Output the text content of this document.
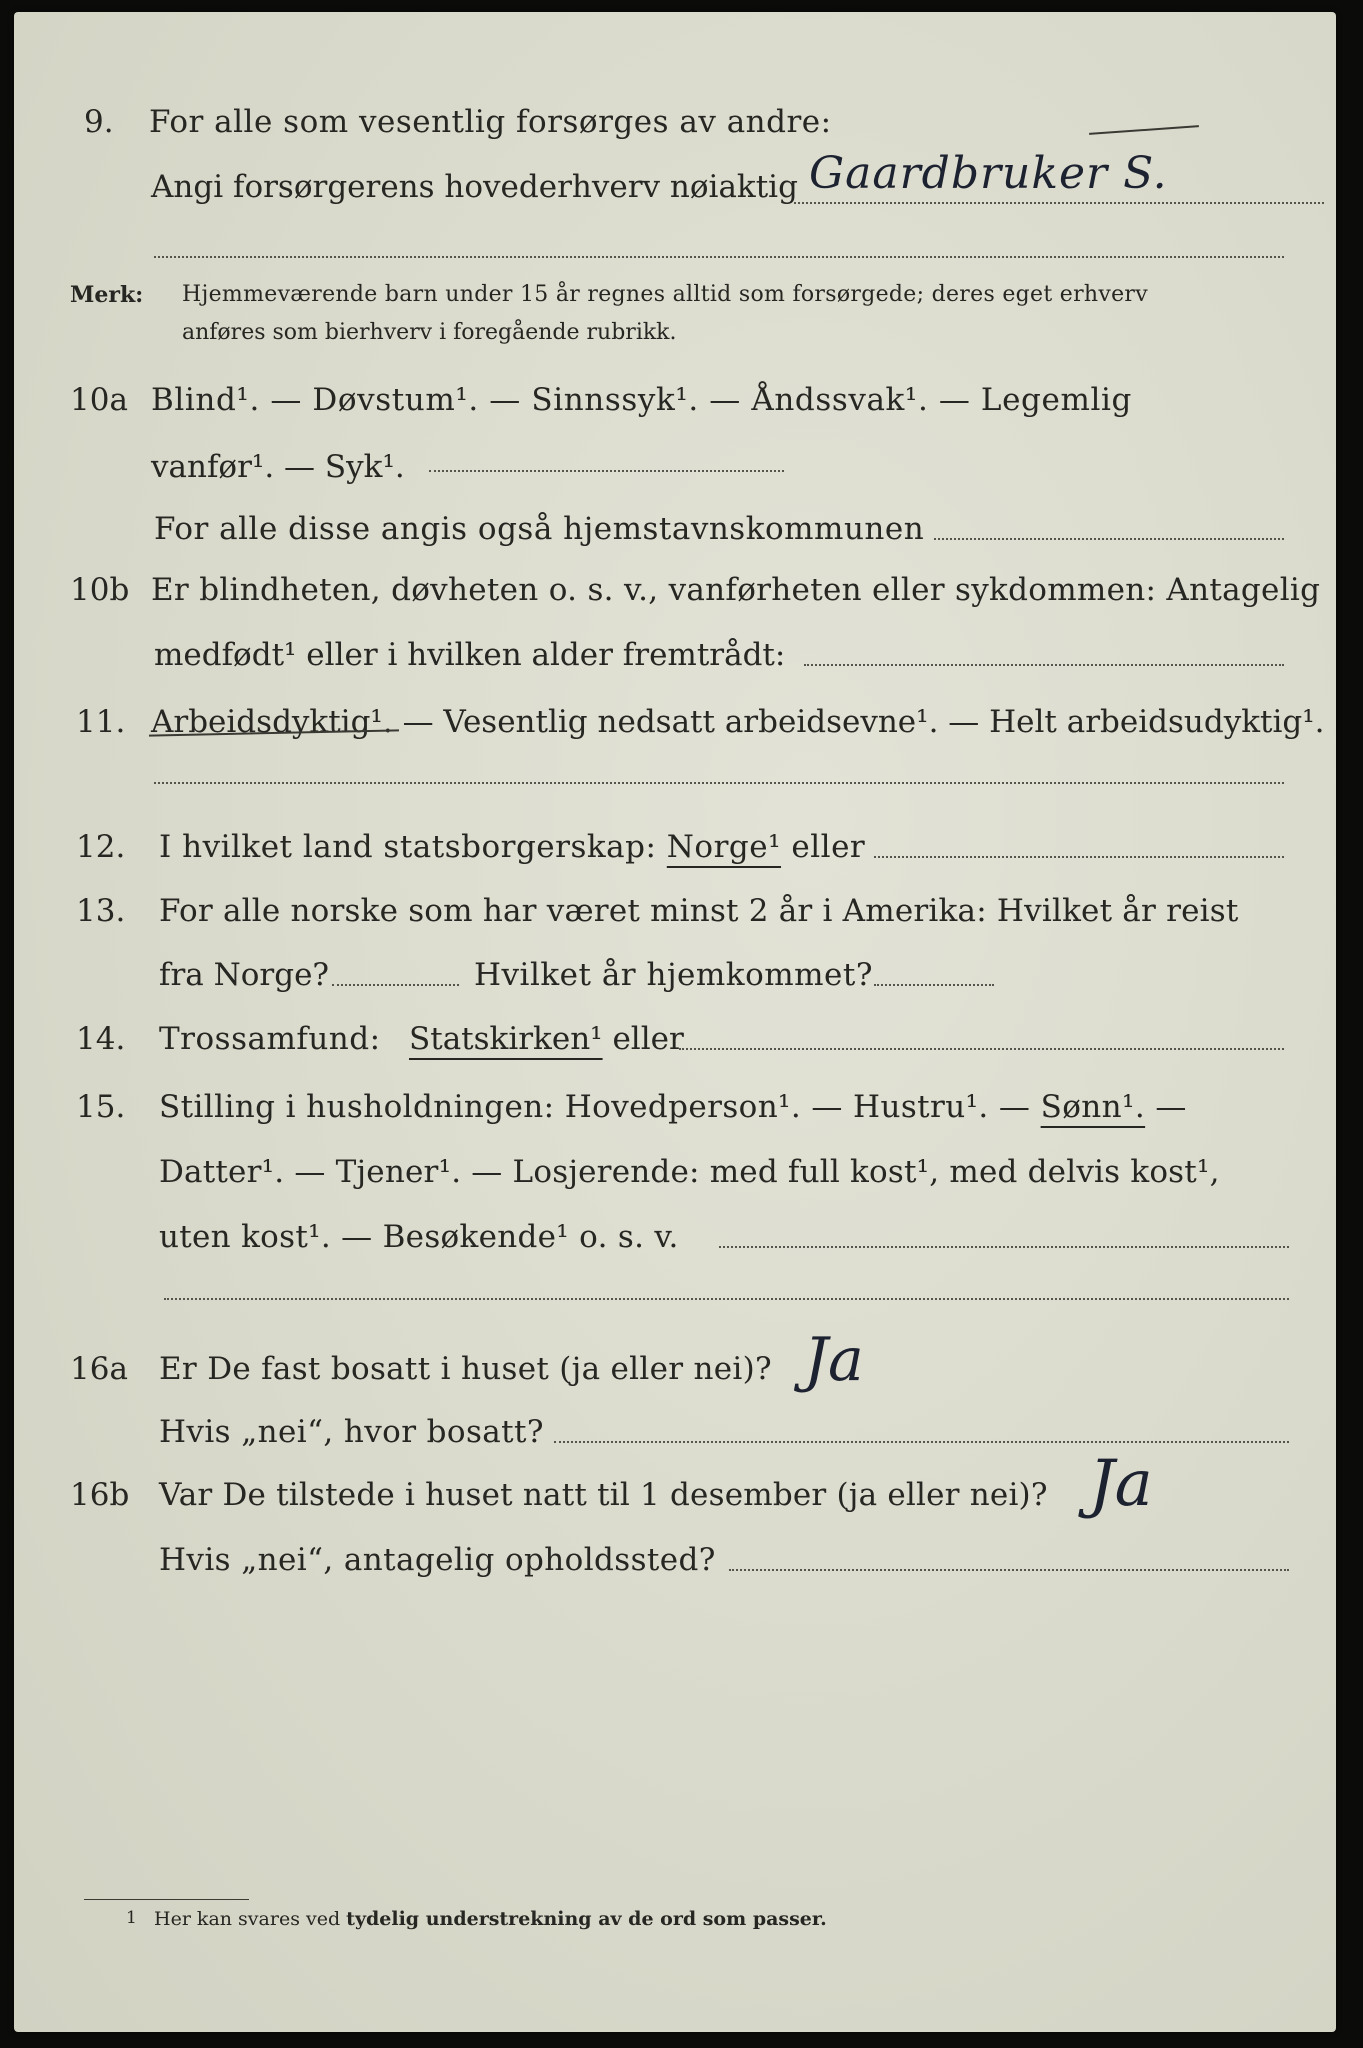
9. For alle som vesentlig forsørges av andre:
Angi forsørgerens hovederhverv nøiaktig Gaardbruker S.
Merk: Hjemmeværende barn under 15 år regnes alltid som forsørgede; deres eget erhverv
anføres som bierhverv i foregående rubrikk.
10a Blind¹. — Døvstum¹. — Sinnssyk¹. — Åndssvak¹. — Legemlig
vanfør¹. — Syk¹.
For alle disse angis også hjemstavnskommunen
10b Er blindheten, døvheten o. s. v., vanførheten eller sykdommen: Antagelig
medfødt¹ eller i hvilken alder fremtrådt:
11. Arbeidsdyktig¹. — Vesentlig nedsatt arbeidsevne¹. — Helt arbeidsudyktig¹.
12. I hvilket land statsborgerskap: Norge¹ eller
13. For alle norske som har været minst 2 år i Amerika: Hvilket år reist
fra Norge?	Hvilket år hjemkommet?
14. Trossamfund: Statskirken¹ eller
15. Stilling i husholdningen: Hovedperson¹. — Hustru¹. — Sønn¹. —
Datter¹. — Tjener¹. — Losjerende: med full kost¹, med delvis kost¹,
uten kost¹. — Besøkende¹ o. s. v.
16a Er De fast bosatt i huset (ja eller nei)? Ja
Hvis „nei“, hvor bosatt?
16b Var De tilstede i huset natt til 1 desember (ja eller nei)? Ja
Hvis „nei“, antagelig opholdssted?
1 Her kan svares ved tydelig understrekning av de ord som passer.
